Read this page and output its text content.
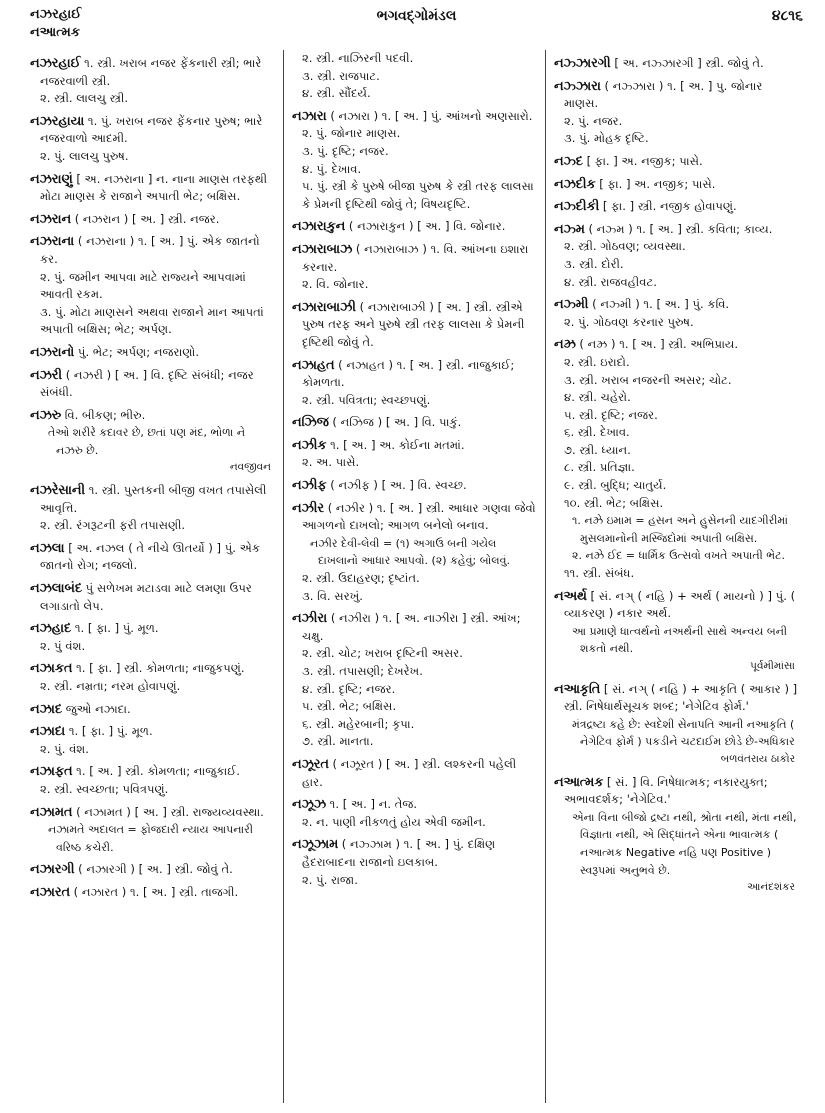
નઝરહાઈ
નઆત્મક
ભગવદ્ગોમંડલ	૪૮૧૬
નઝરહાઈ ૧. સ્ત્રી. ખરાબ નજર ફેંકનારી સ્ત્રી; ભારે નજરવાળી સ્ત્રી.
૨. સ્ત્રી. લાલચુ સ્ત્રી.
નઝરહાયા ૧. પું. ખરાબ નજર ફેંકનાર પુરુષ; ભારે નજરવાળો આદમી.
૨. પું. લાલચુ પુરુષ.
નઝરાણું [ અ. નઝરાના ] ન. નાના માણસ તરફથી મોટા માણસ કે રાજાને અપાતી ભેટ; બક્ષિસ.
નઝરાન ( નઝરાન ) [ અ. ] સ્ત્રી. નજર.
નઝરાના ( નઝરાના ) ૧. [ અ. ] પું. એક જાતનો કર.
૨. પું. જમીન આપવા માટે રાજ્યને આપવામાં આવતી રકમ.
૩. પું. મોટા માણસને અથવા રાજાને માન આપતાં અપાતી બક્ષિસ; ભેટ; અર્પણ.
નઝરાનો પું. ભેટ; અર્પણ; નજરાણો.
નઝરી ( નઝરી ) [ અ. ] વિ. દૃષ્ટિ સંબંધી; નજર સંબંધી.
નઝરુ વિ. બીકણ; ભીરુ.
તેઓ શરીરે કદાવર છે, છતાં પણ મંદ, ભોળા ને નઝરુ છે.
નવજીવન
નઝરેસાની ૧. સ્ત્રી. પુસ્તકની બીજી વખત તપાસેલી આવૃત્તિ.
૨. સ્ત્રી. રંગરૂટની ફરી તપાસણી.
નઝલા [ અ. નઝલ ( તે નીચે ઊતર્યો ) ] પું. એક જાતનો રોગ; નજલો.
નઝલાબંદ પું સળેખમ મટાડવા માટે લમણા ઉપર લગાડાતો લેપ.
નઝહાદ ૧. [ ફા. ] પું. મૂળ.
૨. પું વંશ.
નઝાકત ૧. [ ફા. ] સ્ત્રી. કોમળતા; નાજુકપણું.
૨. સ્ત્રી. નમ્રતા; નરમ હોવાપણું.
નઝાદ જુઓ નઝાદા.
નઝાદા ૧. [ ફા. ] પું. મૂળ.
૨. પું. વંશ.
નઝાફત ૧. [ અ. ] સ્ત્રી. કોમળતા; નાજુકાઈ.
૨. સ્ત્રી. સ્વચ્છતા; પવિત્રપણું.
નઝામત ( નઝામત ) [ અ. ] સ્ત્રી. રાજ્યવ્યવસ્થા.
નઝામતે અદાલત = ફોજદારી ન્યાય આપનારી વરિષ્ઠ કચેરી.
નઝારગી ( નઝારગી ) [ અ. ] સ્ત્રી. જોવું તે.
નઝારત ( નઝારત ) ૧. [ અ. ] સ્ત્રી. તાજગી.
૨. સ્ત્રી. નાઝિરની પદવી.
૩. સ્ત્રી. રાજપાટ.
૪. સ્ત્રી. સૌંદર્ય.
નઝારા ( નઝારા ) ૧. [ અ. ] પું. આંખનો અણસારો.
૨. પું. જોનાર માણસ.
૩. પું. દૃષ્ટિ; નજર.
૪. પું. દેખાવ.
૫. પું. સ્ત્રી કે પુરુષે બીજા પુરુષ કે સ્ત્રી તરફ લાલસા કે પ્રેમની દૃષ્ટિથી જોવું તે; વિષયદૃષ્ટિ.
નઝારાકુન ( નઝારાકુન ) [ અ. ] વિ. જોનાર.
નઝારાબાઝ ( નઝારાબાઝ ) ૧. વિ. આંખના ઇશારા કરનાર.
૨. વિ. જોનાર.
નઝારાબાઝી ( નઝારાબાઝી ) [ અ. ] સ્ત્રી. સ્ત્રીએ પુરુષ તરફ અને પુરુષે સ્ત્રી તરફ લાલસા કે પ્રેમની દૃષ્ટિથી જોવું તે.
નઝાહત ( નઝાહત ) ૧. [ અ. ] સ્ત્રી. નાજુકાઈ; કોમળતા.
૨. સ્ત્રી. પવિત્રતા; સ્વચ્છપણું.
નઝિજ ( નઝિજ ) [ અ. ] વિ. પાકું.
નઝીક ૧. [ અ. ] અ. કોઈના મતમાં.
૨. અ. પાસે.
નઝીફ ( નઝીફ ) [ અ. ] વિ. સ્વચ્છ.
નઝીર ( નઝીર ) ૧. [ અ. ] સ્ત્રી. આધાર ગણવા જેવો આગળનો દાખલો; આગળ બનેલો બનાવ.
નઝીર દેવી-લેવી = (૧) અગાઉ બની ગયેલ દાખલાનો આધાર આપવો. (૨) કહેવું; બોલવું.
૨. સ્ત્રી. ઉદાહરણ; દૃષ્ટાંત.
૩. વિ. સરખું.
નઝીરા ( નઝીરા ) ૧. [ અ. નાઝીરા ] સ્ત્રી. આંખ; ચક્ષુ.
૨. સ્ત્રી. ચોટ; ખરાબ દૃષ્ટિની અસર.
૩. સ્ત્રી. તપાસણી; દેખરેખ.
૪. સ્ત્રી. દૃષ્ટિ; નજર.
૫. સ્ત્રી. ભેટ; બક્ષિસ.
૬. સ્ત્રી. મહેરબાની; કૃપા.
૭. સ્ત્રી. માનતા.
નઝૂરત ( નઝૂરત ) [ અ. ] સ્ત્રી. લશ્કરની પહેલી હાર.
નઝૂઝ ૧. [ અ. ] ન. તેજ.
૨. ન. પાણી નીકળતું હોય એવી જમીન.
નઝૂઝામ ( નઝ્ઝામ ) ૧. [ અ. ] પું. દક્ષિણ હૈદરાબાદના રાજાનો ઇલકાબ.
૨. પું. રાજા.
નઝ્ઝારગી [ અ. નઝ્ઝારગી ] સ્ત્રી. જોવું તે.
નઝ્ઝારા ( નઝ્ઝારા ) ૧. [ અ. ] પુ. જોનાર માણસ.
૨. પું. નજર.
૩. પું. મોહક દૃષ્ટિ.
નઝ્દ [ ફા. ] અ. નજીક; પાસે.
નઝદીક [ ફા. ] અ. નજીક; પાસે.
નઝ્દીકી [ ફા. ] સ્ત્રી. નજીક હોવાપણું.
નઝ્મ ( નઝ્મ ) ૧. [ અ. ] સ્ત્રી. કવિતા; કાવ્ય.
૨. સ્ત્રી. ગોઠવણ; વ્યવસ્થા.
૩. સ્ત્રી. દોરી.
૪. સ્ત્રી. રાજવહીવટ.
નઝ્મી ( નઝ્મી ) ૧. [ અ. ] પું. કવિ.
૨. પું. ગોઠવણ કરનાર પુરુષ.
નઝ્ર ( નઝ્ર ) ૧. [ અ. ] સ્ત્રી. અભિપ્રાય.
૨. સ્ત્રી. ઇરાદો.
૩. સ્ત્રી. ખરાબ નજરની અસર; ચોટ.
૪. સ્ત્રી. ચહેરો.
૫. સ્ત્રી. દૃષ્ટિ; નજર.
૬. સ્ત્રી. દેખાવ.
૭. સ્ત્રી. ધ્યાન.
૮. સ્ત્રી. પ્રતિજ્ઞા.
૯. સ્ત્રી. બુદ્ધિ; ચાતુર્ય.
૧૦. સ્ત્રી. ભેટ; બક્ષિસ.
૧. નઝ્રે ઇમામ = હસન અને હુસેનની યાદગીરીમાં મુસલમાનોની મસ્જિદોમાં અપાતી બક્ષિસ.
૨. નઝ્રે ઈદ = ધાર્મિક ઉત્સવો વખતે અપાતી ભેટ.
૧૧. સ્ત્રી. સંબંધ.
નઅર્થ [ સં. નઞ્ ( નહિ ) + અર્થ ( માયનો ) ] પું. ( વ્યાકરણ ) નકાર અર્થ.
આ પ્રમાણે ધાત્વર્થનો નઅર્થની સાથે અન્વય બની શકતો નથી.
પૂર્વમીમાંસા
નઆકૃતિ [ સં. નઞ્ ( નહિ ) + આકૃતિ ( આકાર ) ] સ્ત્રી. નિષેધાર્થસૂચક શબ્દ; 'નેગેટિવ ફોર્મ.'
મંત્રદ્રષ્ટા કહે છે: સ્વદેશી સેનાપતિ આની નઆકૃતિ ( નેગેટિવ ફોર્મ ) પકડીને ચટદાઈમ છોડે છે-અધિકાર
બળવંતરાય ઠાકોર
નઆત્મક [ સં. ] વિ. નિષેધાત્મક; નકારયુક્ત; અભાવદર્શક; 'નેગેટિવ.'
એના વિના બીજો દ્રષ્ટા નથી, શ્રોતા નથી, મંતા નથી, વિજ્ઞાતા નથી, એ સિદ્ધાંતને એના ભાવાત્મક ( નઆત્મક Negative નહિ પણ Positive ) સ્વરૂપમાં અનુભવે છે.
આનંદશંકર
